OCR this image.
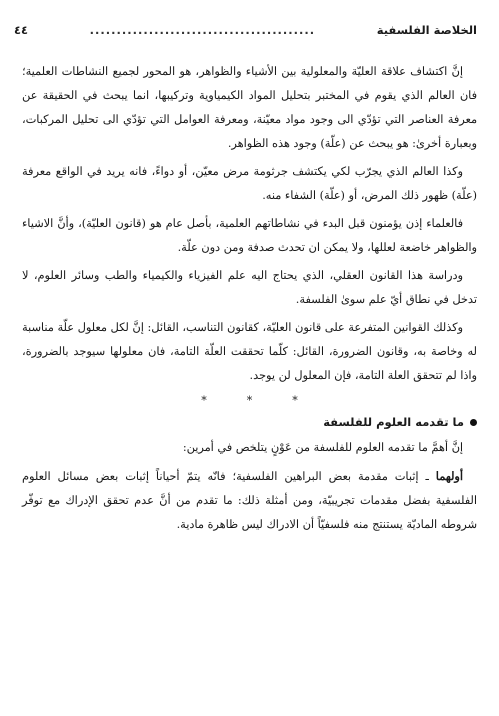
الخلاصة الفلسفية
..........................................
٤٤

إنَّ اكتشاف علاقة العليّة والمعلولية بين الأشياء والظواهر، هو المحور لجميع النشاطات العلمية؛ فان العالم الذي يقوم في المختبر بتحليل المواد الكيمياوية وتركيبها، انما يبحث في الحقيقة عن معرفة العناصر التي تؤدّي الى وجود مواد معيّنة، ومعرفة العوامل التي تؤدّي الى تحليل المركبات، وبعبارة أخرىٰ: هو يبحث عن (علّة) وجود هذه الظواهر.

وكذا العالم الذي يجرّب لكي يكتشف جرثومة مرض معيّن، أو دواءً، فانه يريد في الواقع معرفة (علّة) ظهور ذلك المرض، أو (علّة) الشفاء منه.

فالعلماء إذن يؤمنون قبل البدء في نشاطاتهم العلمية، بأصل عام هو (قانون العليّة)، وأنَّ الاشياء والظواهر خاضعة لعللها، ولا يمكن ان تحدث صدفة ومن دون علّة.

ودراسة هذا القانون العقلي، الذي يحتاج اليه علم الفيزياء والكيمياء والطب وسائر العلوم، لا تدخل في نطاق أيّ علم سوىٰ الفلسفة.

وكذلك القوانين المتفرعة على قانون العليّة، كقانون التناسب، القائل: إنَّ لكل معلول علّة مناسبة له وخاصة به، وقانون الضرورة، القائل: كلّما تحققت العلّة التامة، فان معلولها سيوجد بالضرورة، واذا لم تتحقق العلة التامة، فإن المعلول لن يوجد.

*
*
*
ما تقدمه العلوم للفلسفة

إنَّ أهمَّ ما تقدمه العلوم للفلسفة من عَوْنٍ يتلخص في أمرين:

أولهما ـ إثبات مقدمة بعض البراهين الفلسفية؛ فانّه يتمّ أحياناً إثبات بعض مسائل العلوم الفلسفية بفضل مقدمات تجريبيّة، ومن أمثلة ذلك: ما تقدم من أنَّ عدم تحقق الإدراك مع توفّر شروطه الماديّة يستنتج منه فلسفيّاً أن الادراك ليس ظاهرة مادية.
